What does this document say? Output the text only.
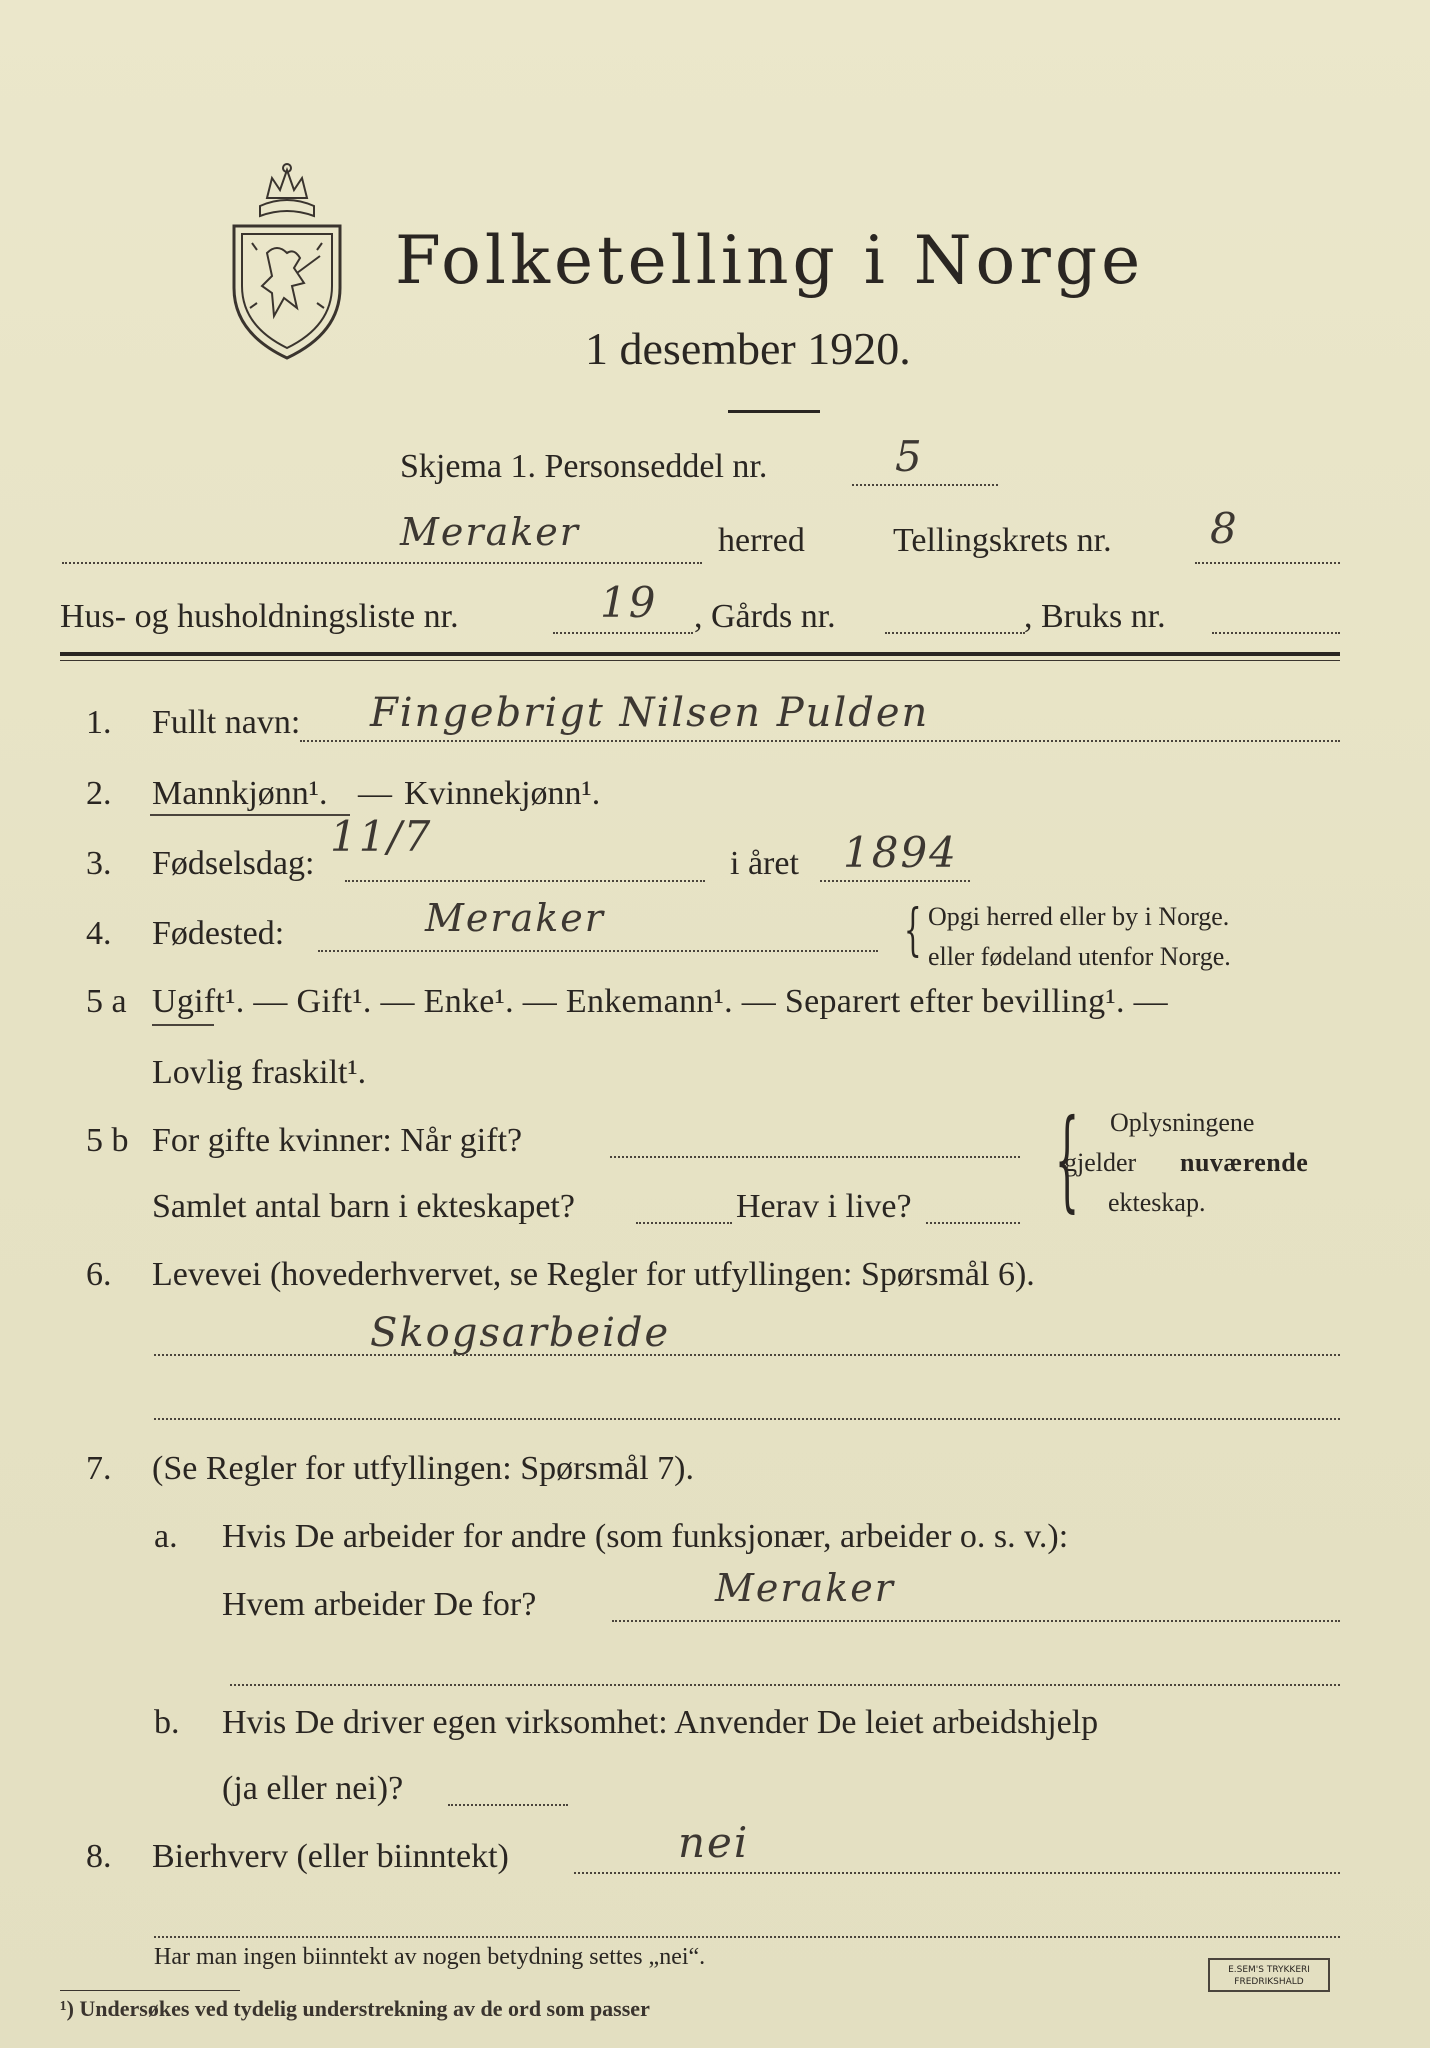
Folketelling i Norge
1 desember 1920.
Skjema 1. Personseddel nr.	5
Meraker	herred	Tellingskrets nr. 8
Hus- og husholdningsliste nr.	19 , Gårds nr.	, Bruks nr.
1. Fullt navn: Fingebrigt Nilsen Pulden
2. Mannkjønn¹. — Kvinnekjønn¹.
3. Fødselsdag:
11/7
i året 1894
4. Fødested:	Meraker	{ Opgi herred eller by i Norge.
eller fødeland utenfor Norge.
5 a Ugift¹. — Gift¹. — Enke¹. — Enkemann¹. — Separert efter bevilling¹. —
Lovlig fraskilt¹.
5 b For gifte kvinner: Når gift?
Samlet antal barn i ekteskapet?	Herav i live? { Oplysningene
gjelder nuværende
ekteskap.
6. Levevei (hovederhvervet, se Regler for utfyllingen: Spørsmål 6).
Skogsarbeide
7. (Se Regler for utfyllingen: Spørsmål 7).
a. Hvis De arbeider for andre (som funksjonær, arbeider o. s. v.):
Hvem arbeider De for?	Meraker
b. Hvis De driver egen virksomhet: Anvender De leiet arbeidshjelp
(ja eller nei)?
8. Bierhverv (eller biinntekt)	nei
Har man ingen biinntekt av nogen betydning settes „nei“.
¹) Undersøkes ved tydelig understrekning av de ord som passer
E.SEM'S TRYKKERI FREDRIKSHALD
